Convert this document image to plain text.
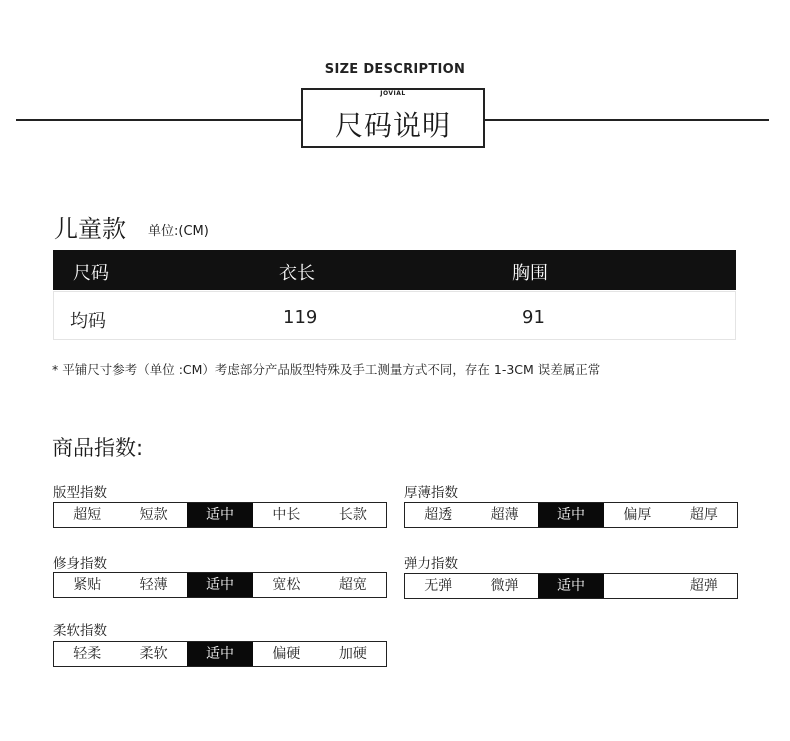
SIZE DESCRIPTION
JOVIAL
尺码说明
儿童款 单位:(CM)
尺码	衣长	胸围
均码	119	91
* 平铺尺寸参考（单位 :CM）考虑部分产品版型特殊及手工测量方式不同，存在 1-3CM 误差属正常
商品指数:
版型指数
超短	短款	适中	中长	长款
厚薄指数
超透	超薄	适中	偏厚	超厚
修身指数
紧贴	轻薄	适中	宽松	超宽
弹力指数
无弹	微弹	适中	超弹
柔软指数
轻柔	柔软	适中	偏硬	加硬
